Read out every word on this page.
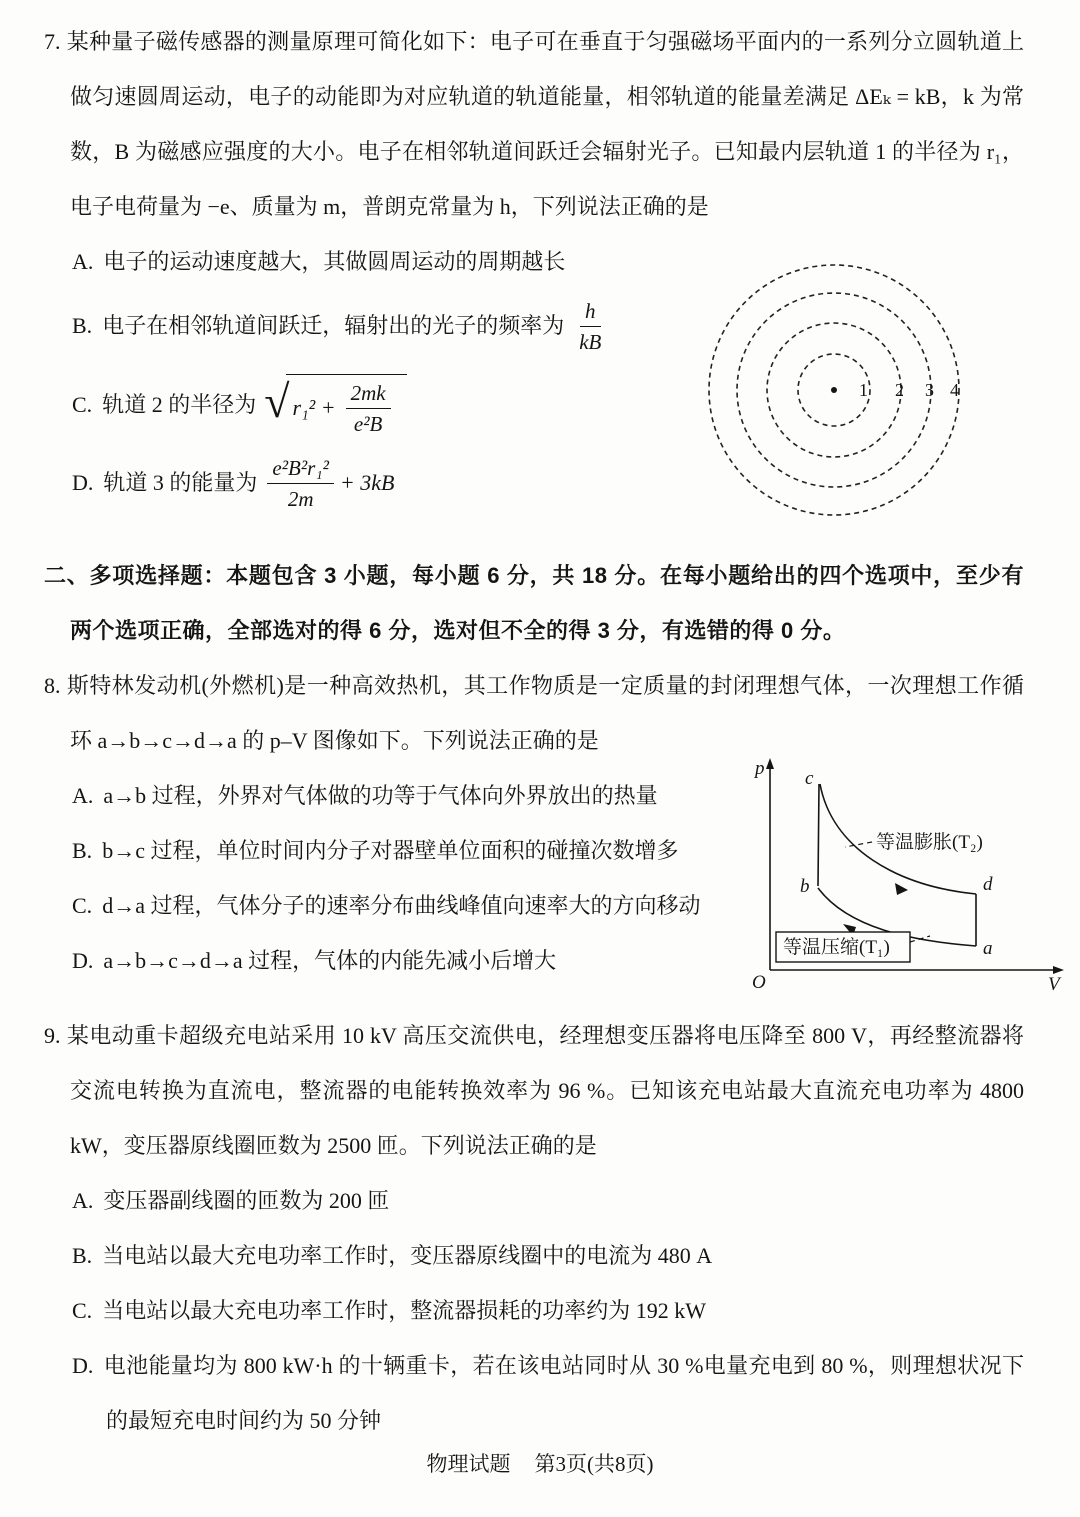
7. 某种量子磁传感器的测量原理可简化如下：电子可在垂直于匀强磁场平面内的一系列分立圆轨道上做匀速圆周运动，电子的动能即为对应轨道的轨道能量，相邻轨道的能量差满足 ΔEₖ = kB，k 为常数，B 为磁感应强度的大小。电子在相邻轨道间跃迁会辐射光子。已知最内层轨道 1 的半径为 r₁，电子电荷量为 −e、质量为 m，普朗克常量为 h，下列说法正确的是

A. 电子的运动速度越大，其做圆周运动的周期越长
B. 电子在相邻轨道间跃迁，辐射出的光子的频率为 $\frac{h}{kB}$
C. 轨道 2 的半径为 √ $r_1^2 + \frac{2mk}{\text{e²B}}$
D. 轨道 3 的能量为 $\frac{\text{e²B²r₁²}}{2m} + 3kB$
1 2 3 4

二、多项选择题：本题包含 3 小题，每小题 6 分，共 18 分。在每小题给出的四个选项中，至少有两个选项正确，全部选对的得 6 分，选对但不全的得 3 分，有选错的得 0 分。

8. 斯特林发动机(外燃机)是一种高效热机，其工作物质是一定质量的封闭理想气体，一次理想工作循环 a→b→c→d→a 的 p–V 图像如下。下列说法正确的是

A. a→b 过程，外界对气体做的功等于气体向外界放出的热量
B. b→c 过程，单位时间内分子对器壁单位面积的碰撞次数增多
C. d→a 过程，气体分子的速率分布曲线峰值向速率大的方向移动
D. a→b→c→d→a 过程，气体的内能先减小后增大
c
b	d
a
p
V
O
等温膨胀(T₂)
等温压缩(T₁)

9. 某电动重卡超级充电站采用 10 kV 高压交流供电，经理想变压器将电压降至 800 V，再经整流器将交流电转换为直流电，整流器的电能转换效率为 96 %。已知该充电站最大直流充电功率为 4800 kW，变压器原线圈匝数为 2500 匝。下列说法正确的是

A. 变压器副线圈的匝数为 200 匝
B. 当电站以最大充电功率工作时，变压器原线圈中的电流为 480 A
C. 当电站以最大充电功率工作时，整流器损耗的功率约为 192 kW
D. 电池能量均为 800 kW·h 的十辆重卡，若在该电站同时从 30 %电量充电到 80 %，则理想状况下的最短充电时间约为 50 分钟
物理试题 第3页(共8页)
